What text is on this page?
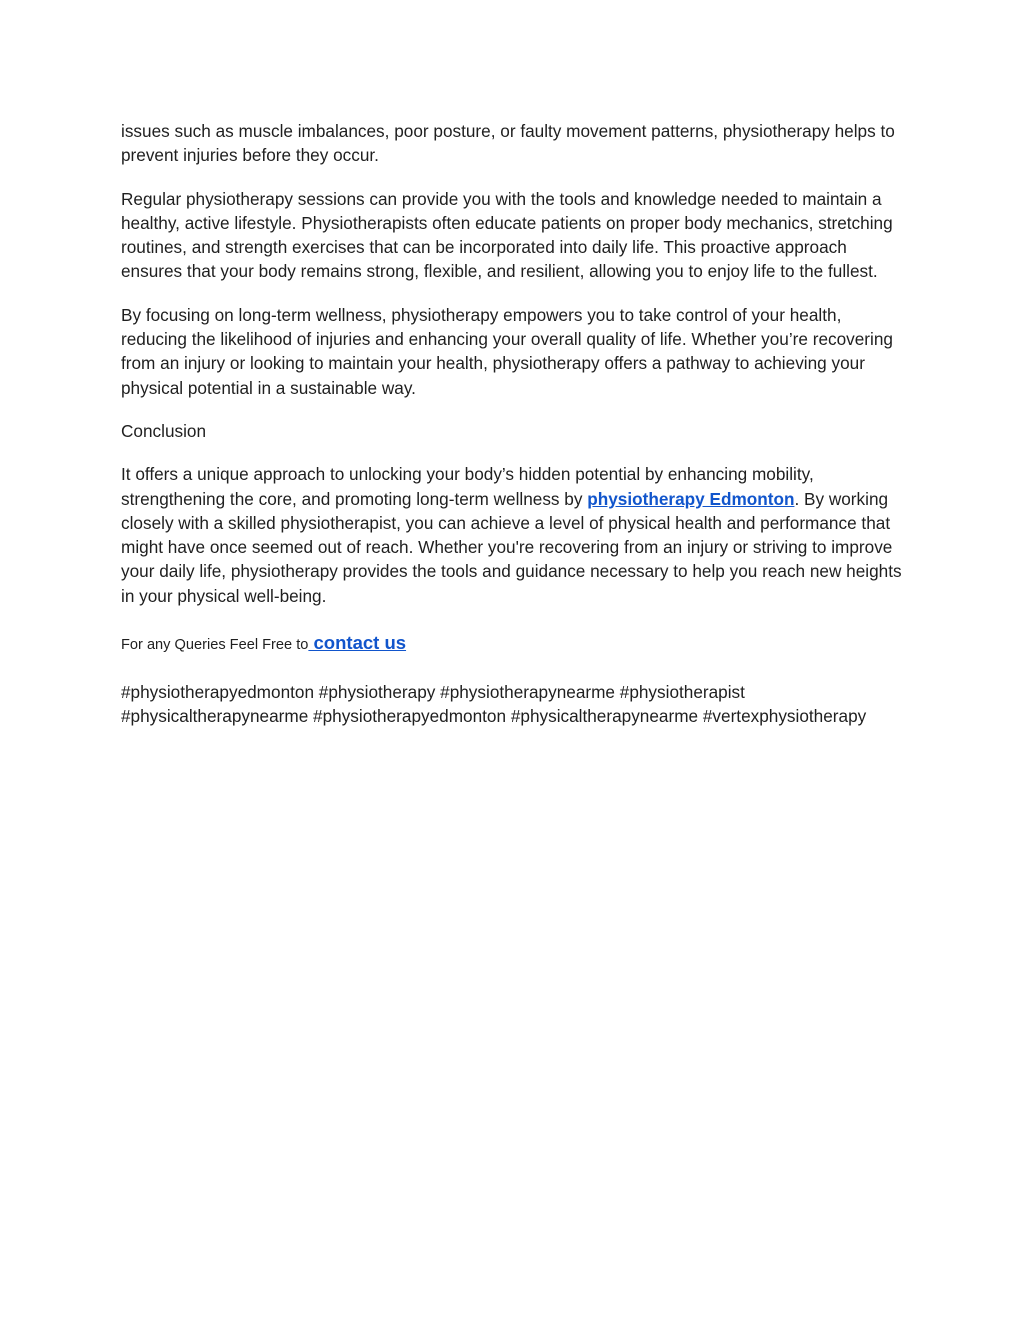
issues such as muscle imbalances, poor posture, or faulty movement patterns, physiotherapy helps to prevent injuries before they occur.

Regular physiotherapy sessions can provide you with the tools and knowledge needed to maintain a healthy, active lifestyle. Physiotherapists often educate patients on proper body mechanics, stretching routines, and strength exercises that can be incorporated into daily life. This proactive approach ensures that your body remains strong, flexible, and resilient, allowing you to enjoy life to the fullest.

By focusing on long-term wellness, physiotherapy empowers you to take control of your health, reducing the likelihood of injuries and enhancing your overall quality of life. Whether you’re recovering from an injury or looking to maintain your health, physiotherapy offers a pathway to achieving your physical potential in a sustainable way.

Conclusion

It offers a unique approach to unlocking your body’s hidden potential by enhancing mobility, strengthening the core, and promoting long-term wellness by physiotherapy Edmonton. By working closely with a skilled physiotherapist, you can achieve a level of physical health and performance that might have once seemed out of reach. Whether you're recovering from an injury or striving to improve your daily life, physiotherapy provides the tools and guidance necessary to help you reach new heights in your physical well-being.

For any Queries Feel Free to contact us

#physiotherapyedmonton #physiotherapy #physiotherapynearme #physiotherapist #physicaltherapynearme #physiotherapyedmonton #physicaltherapynearme #vertexphysiotherapy
